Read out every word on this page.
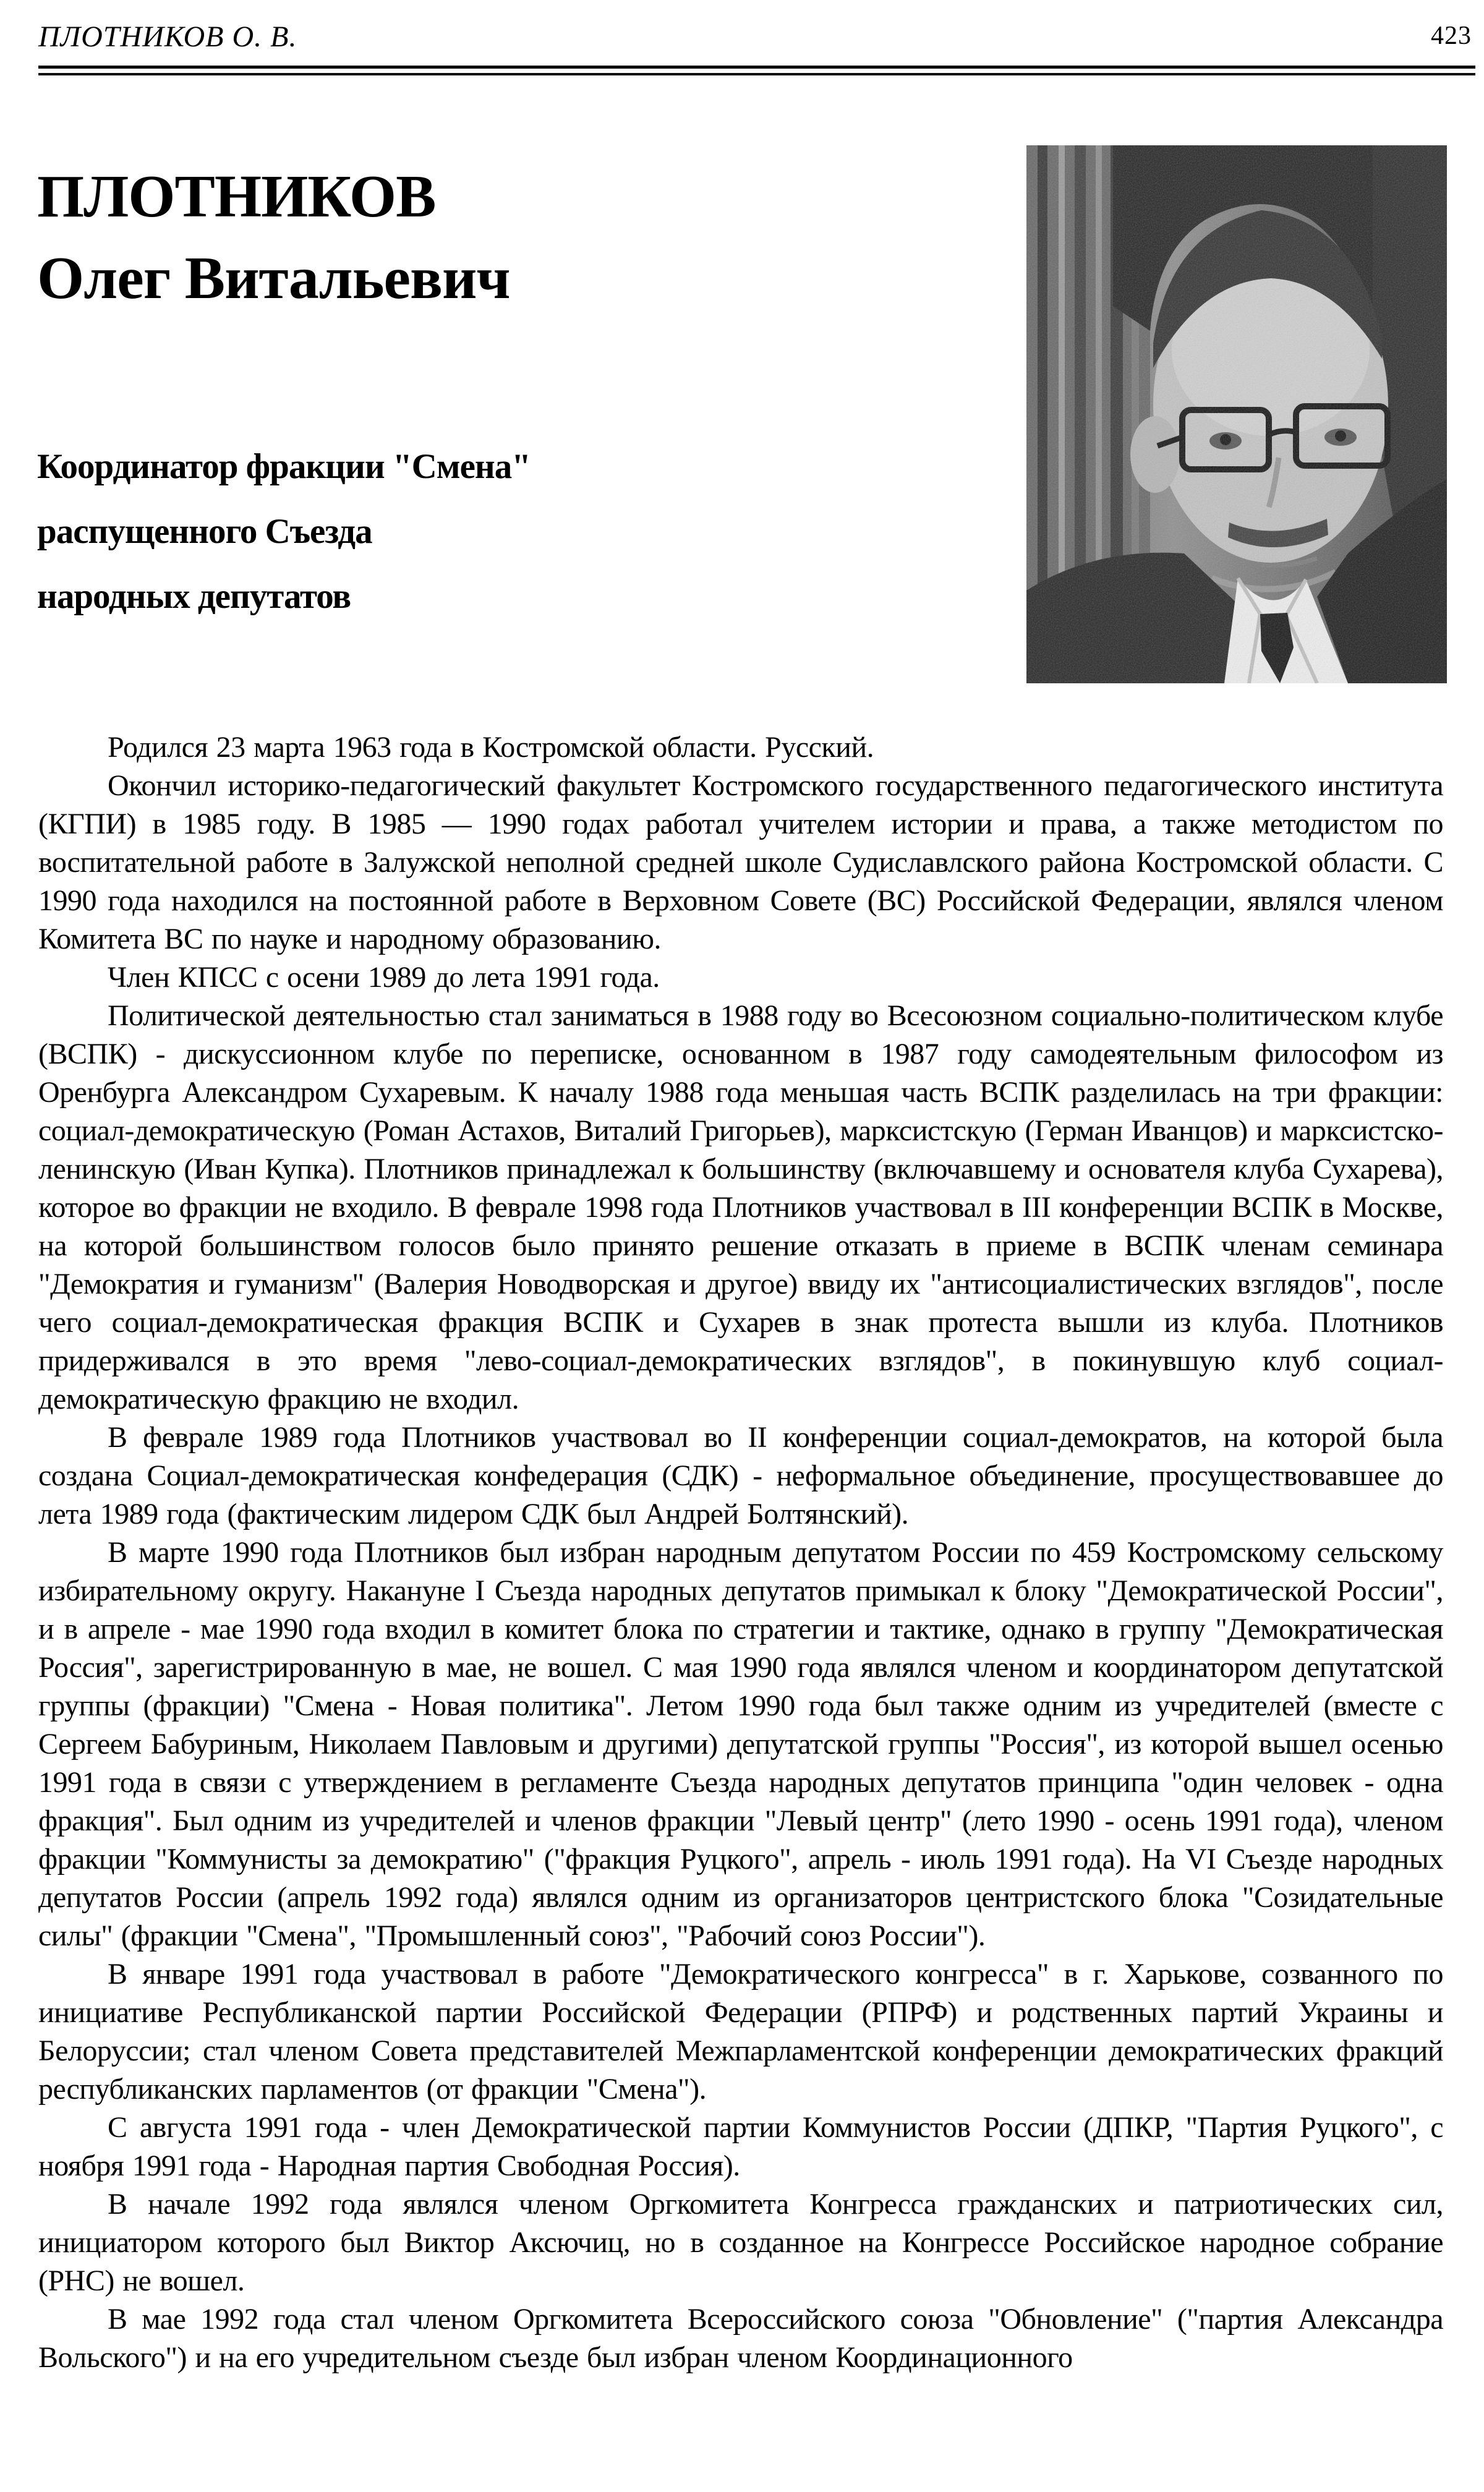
ПЛОТНИКОВ О. В.	423
ПЛОТНИКОВ
Олег Витальевич
Координатор фракции "Смена"
распущенного Съезда
народных депутатов

Родился 23 марта 1963 года в Костромской области. Русский.

Окончил историко-педагогический факультет Костромского государственного педагогического института (КГПИ) в 1985 году. В 1985 — 1990 годах работал учителем истории и права, а также методистом по воспитательной работе в Залужской неполной средней школе Судиславлского района Костромской области. С 1990 года находился на постоянной работе в Верховном Совете (ВС) Российской Федерации, являлся членом Комитета ВС по науке и народному образованию.

Член КПСС с осени 1989 до лета 1991 года.

Политической деятельностью стал заниматься в 1988 году во Всесоюзном социально-политическом клубе (ВСПК) - дискуссионном клубе по переписке, основанном в 1987 году самодеятельным философом из Оренбурга Александром Сухаревым. К началу 1988 года меньшая часть ВСПК разделилась на три фракции: социал-демократическую (Роман Астахов, Виталий Григорьев), марксистскую (Герман Иванцов) и марксистско-ленинскую (Иван Купка). Плотников принадлежал к большинству (включавшему и основателя клуба Сухарева), которое во фракции не входило. В феврале 1998 года Плотников участвовал в III конференции ВСПК в Москве, на которой большинством голосов было принято решение отказать в приеме в ВСПК членам семинара "Демократия и гуманизм" (Валерия Новодворская и другое) ввиду их "антисоциалистических взглядов", после чего социал-демократическая фракция ВСПК и Сухарев в знак протеста вышли из клуба. Плотников придерживался в это время "лево-социал-демократических взглядов", в покинувшую клуб социал-демократическую фракцию не входил.

В феврале 1989 года Плотников участвовал во II конференции социал-демократов, на которой была создана Социал-демократическая конфедерация (СДК) - неформальное объединение, просуществовавшее до лета 1989 года (фактическим лидером СДК был Андрей Болтянский).

В марте 1990 года Плотников был избран народным депутатом России по 459 Костромскому сельскому избирательному округу. Накануне I Съезда народных депутатов примыкал к блоку "Демократической России", и в апреле - мае 1990 года входил в комитет блока по стратегии и тактике, однако в группу "Демократическая Россия", зарегистрированную в мае, не вошел. С мая 1990 года являлся членом и координатором депутатской группы (фракции) "Смена - Новая политика". Летом 1990 года был также одним из учредителей (вместе с Сергеем Бабуриным, Николаем Павловым и другими) депутатской группы "Россия", из которой вышел осенью 1991 года в связи с утверждением в регламенте Съезда народных депутатов принципа "один человек - одна фракция". Был одним из учредителей и членов фракции "Левый центр" (лето 1990 - осень 1991 года), членом фракции "Коммунисты за демократию" ("фракция Руцкого", апрель - июль 1991 года). На VI Съезде народных депутатов России (апрель 1992 года) являлся одним из организаторов центристского блока "Созидательные силы" (фракции "Смена", "Промышленный союз", "Рабочий союз России").

В январе 1991 года участвовал в работе "Демократического конгресса" в г. Харькове, созванного по инициативе Республиканской партии Российской Федерации (РПРФ) и родственных партий Украины и Белоруссии; стал членом Совета представителей Межпарламентской конференции демократических фракций республиканских парламентов (от фракции "Смена").

С августа 1991 года - член Демократической партии Коммунистов России (ДПКР, "Партия Руцкого", с ноября 1991 года - Народная партия Свободная Россия).

В начале 1992 года являлся членом Оргкомитета Конгресса гражданских и патриотических сил, инициатором которого был Виктор Аксючиц, но в созданное на Конгрессе Российское народное собрание (РНС) не вошел.

В мае 1992 года стал членом Оргкомитета Всероссийского союза "Обновление" ("партия Александра Вольского") и на его учредительном съезде был избран членом Координационного
